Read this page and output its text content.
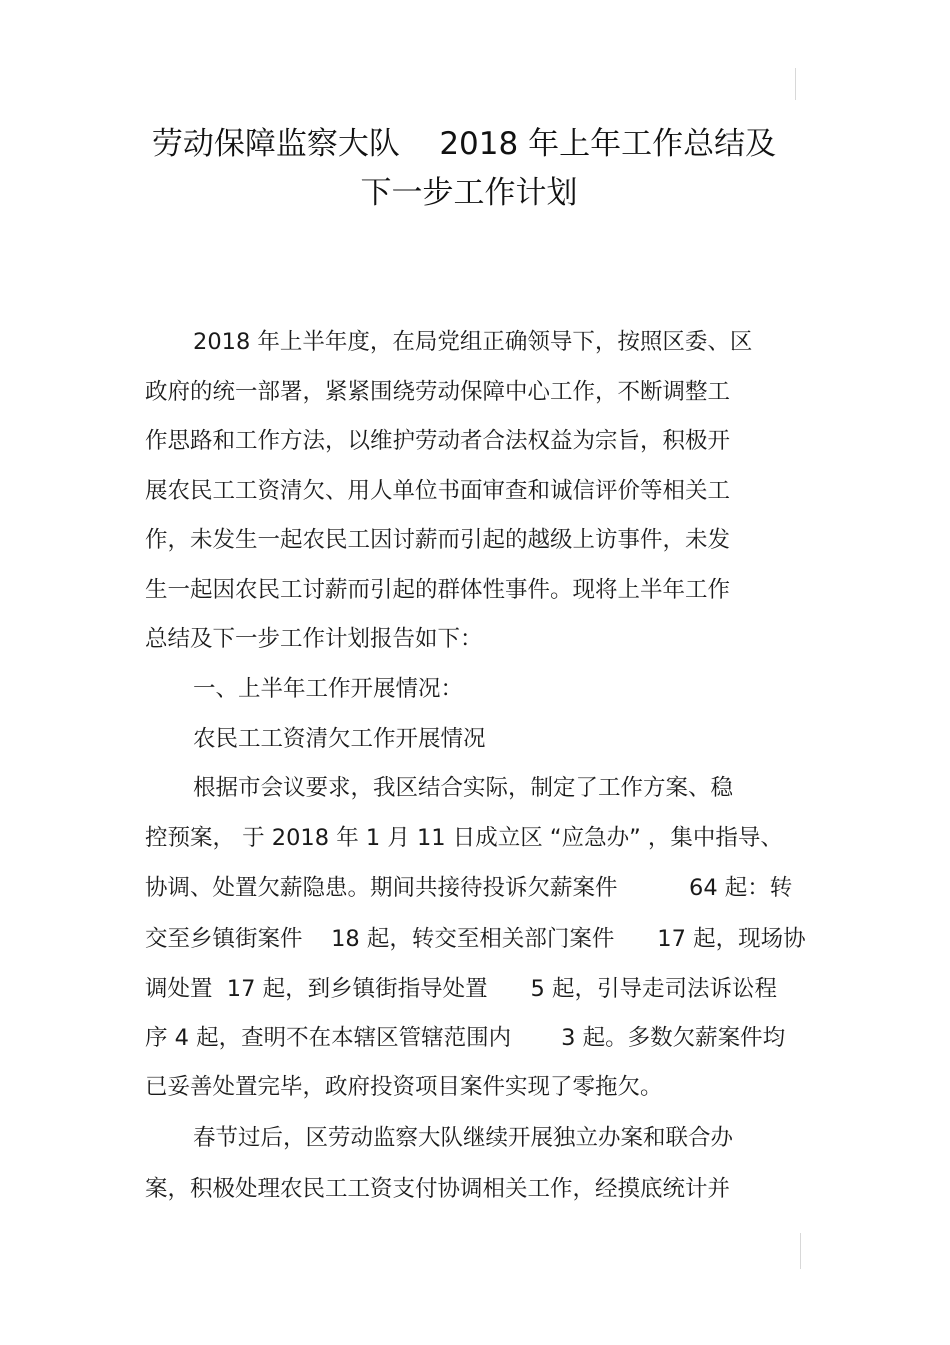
劳动保障监察大队    2018 年上年工作总结及
下一步工作计划
2018 年上半年度，在局党组正确领导下，按照区委、区
政府的统一部署，紧紧围绕劳动保障中心工作，不断调整工
作思路和工作方法，以维护劳动者合法权益为宗旨，积极开
展农民工工资清欠、用人单位书面审查和诚信评价等相关工
作，未发生一起农民工因讨薪而引起的越级上访事件，未发
生一起因农民工讨薪而引起的群体性事件。现将上半年工作
总结及下一步工作计划报告如下：
一、上半年工作开展情况：
农民工工资清欠工作开展情况
根据市会议要求，我区结合实际，制定了工作方案、稳
控预案， 于 2018 年 1 月 11 日成立区 “应急办” ，集中指导、
协调、处置欠薪隐患。期间共接待投诉欠薪案件          64 起：转
交至乡镇街案件    18 起，转交至相关部门案件      17 起，现场协
调处置  17 起，到乡镇街指导处置      5 起，引导走司法诉讼程
序 4 起，查明不在本辖区管辖范围内       3 起。多数欠薪案件均
已妥善处置完毕，政府投资项目案件实现了零拖欠。
春节过后，区劳动监察大队继续开展独立办案和联合办
案，积极处理农民工工资支付协调相关工作，经摸底统计并
